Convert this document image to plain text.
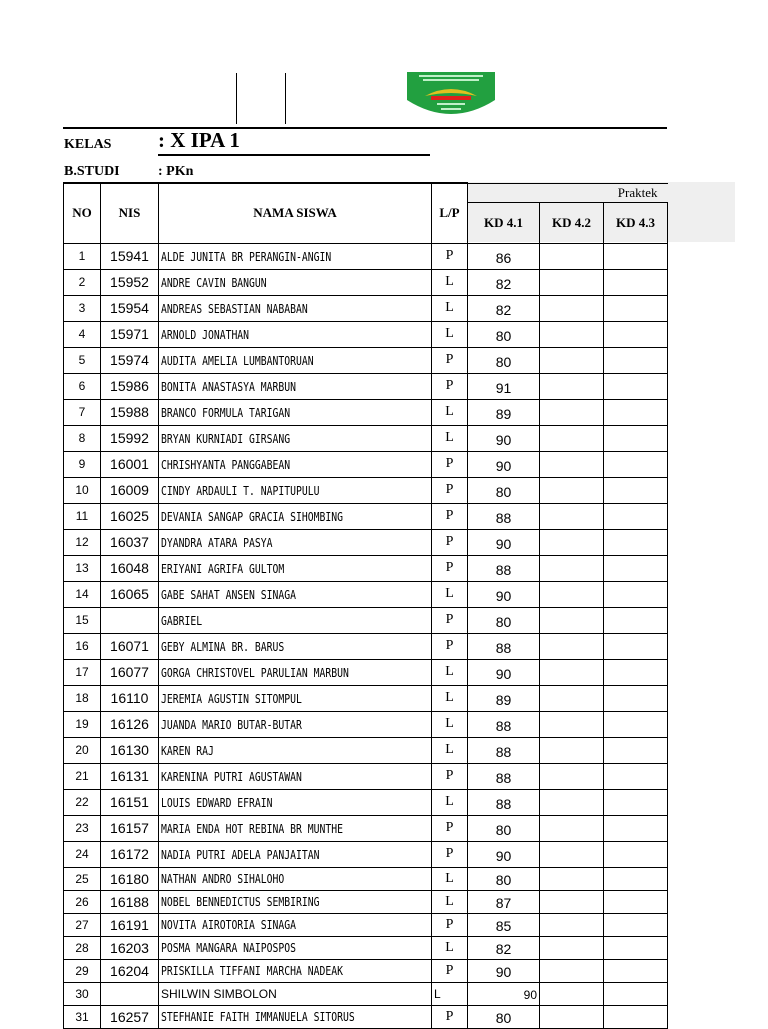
KELAS : X IPA 1
B.STUDI	: PKn
NO	NIS	NAMA SISWA	L/P	Praktek		
				KD 4.1	KD 4.2	KD 4.3
1	15941	ALDE JUNITA BR PERANGIN-ANGIN	P	86		
2	15952	ANDRE CAVIN BANGUN	L	82		
3	15954	ANDREAS SEBASTIAN NABABAN	L	82		
4	15971	ARNOLD JONATHAN	L	80		
5	15974	AUDITA AMELIA LUMBANTORUAN	P	80		
6	15986	BONITA ANASTASYA MARBUN	P	91		
7	15988	BRANCO FORMULA TARIGAN	L	89		
8	15992	BRYAN KURNIADI GIRSANG	L	90		
9	16001	CHRISHYANTA PANGGABEAN	P	90		
10	16009	CINDY ARDAULI T. NAPITUPULU	P	80		
11	16025	DEVANIA SANGAP GRACIA SIHOMBING	P	88		
12	16037	DYANDRA ATARA PASYA	P	90		
13	16048	ERIYANI AGRIFA GULTOM	P	88		
14	16065	GABE SAHAT ANSEN SINAGA	L	90		
15		GABRIEL	P	80		
16	16071	GEBY ALMINA BR. BARUS	P	88		
17	16077	GORGA CHRISTOVEL PARULIAN MARBUN	L	90		
18	16110	JEREMIA AGUSTIN SITOMPUL	L	89		
19	16126	JUANDA MARIO BUTAR-BUTAR	L	88		
20	16130	KAREN RAJ	L	88		
21	16131	KARENINA PUTRI AGUSTAWAN	P	88		
22	16151	LOUIS EDWARD EFRAIN	L	88		
23	16157	MARIA ENDA HOT REBINA BR MUNTHE	P	80		
24	16172	NADIA PUTRI ADELA PANJAITAN	P	90		
25	16180	NATHAN ANDRO SIHALOHO	L	80		
26	16188	NOBEL BENNEDICTUS SEMBIRING	L	87		
27	16191	NOVITA AIROTORIA SINAGA	P	85		
28	16203	POSMA MANGARA NAIPOSPOS	L	82		
29	16204	PRISKILLA TIFFANI MARCHA NADEAK	P	90		
30		SHILWIN SIMBOLON	L	90		
31	16257	STEFHANIE FAITH IMMANUELA SITORUS	P	80		
